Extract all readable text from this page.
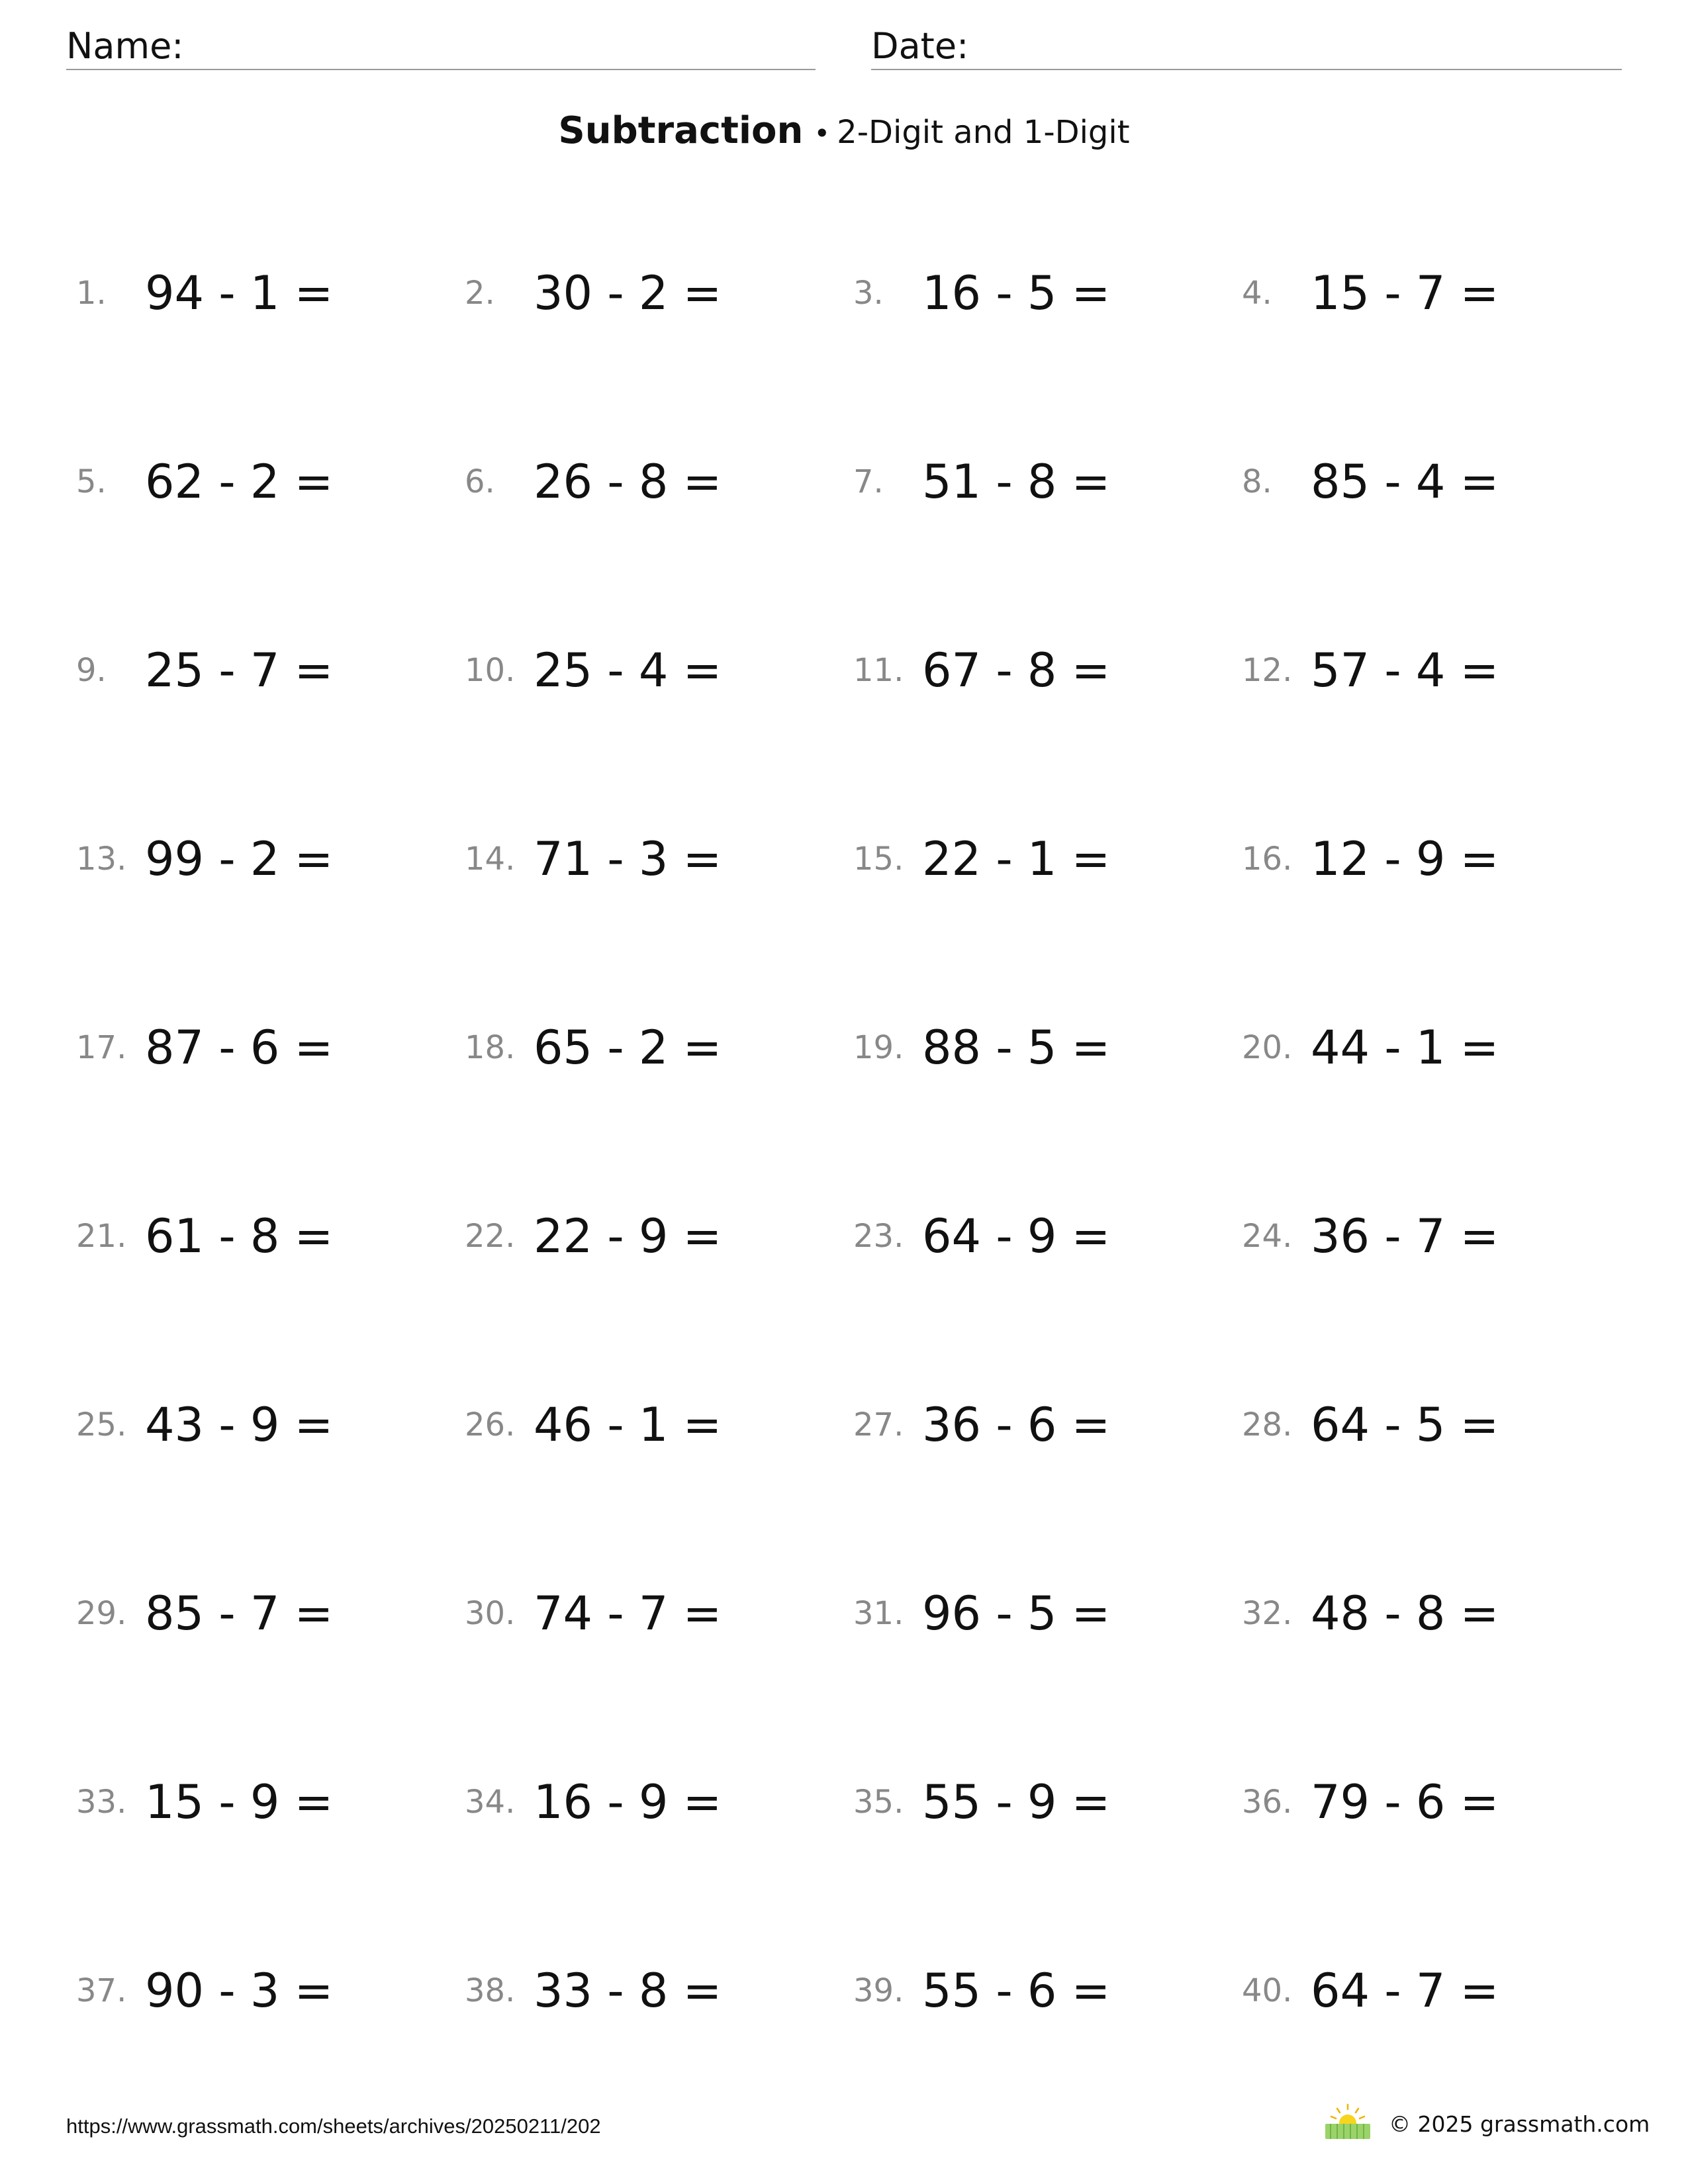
Name:	Date:
Subtraction • 2-Digit and 1-Digit
1. 94 - 1 =	2. 30 - 2 =	3. 16 - 5 =	4. 15 - 7 =
5. 62 - 2 =	6. 26 - 8 =	7. 51 - 8 =	8. 85 - 4 =
9. 25 - 7 =	10. 25 - 4 =	11. 67 - 8 =	12. 57 - 4 =
13. 99 - 2 =	14. 71 - 3 =	15. 22 - 1 =	16. 12 - 9 =
17. 87 - 6 =	18. 65 - 2 =	19. 88 - 5 =	20. 44 - 1 =
21. 61 - 8 =	22. 22 - 9 =	23. 64 - 9 =	24. 36 - 7 =
25. 43 - 9 =	26. 46 - 1 =	27. 36 - 6 =	28. 64 - 5 =
29. 85 - 7 =	30. 74 - 7 =	31. 96 - 5 =	32. 48 - 8 =
33. 15 - 9 =	34. 16 - 9 =	35. 55 - 9 =	36. 79 - 6 =
37. 90 - 3 =	38. 33 - 8 =	39. 55 - 6 =	40. 64 - 7 =
https://www.grassmath.com/sheets/archives/20250211/202	© 2025 grassmath.com
